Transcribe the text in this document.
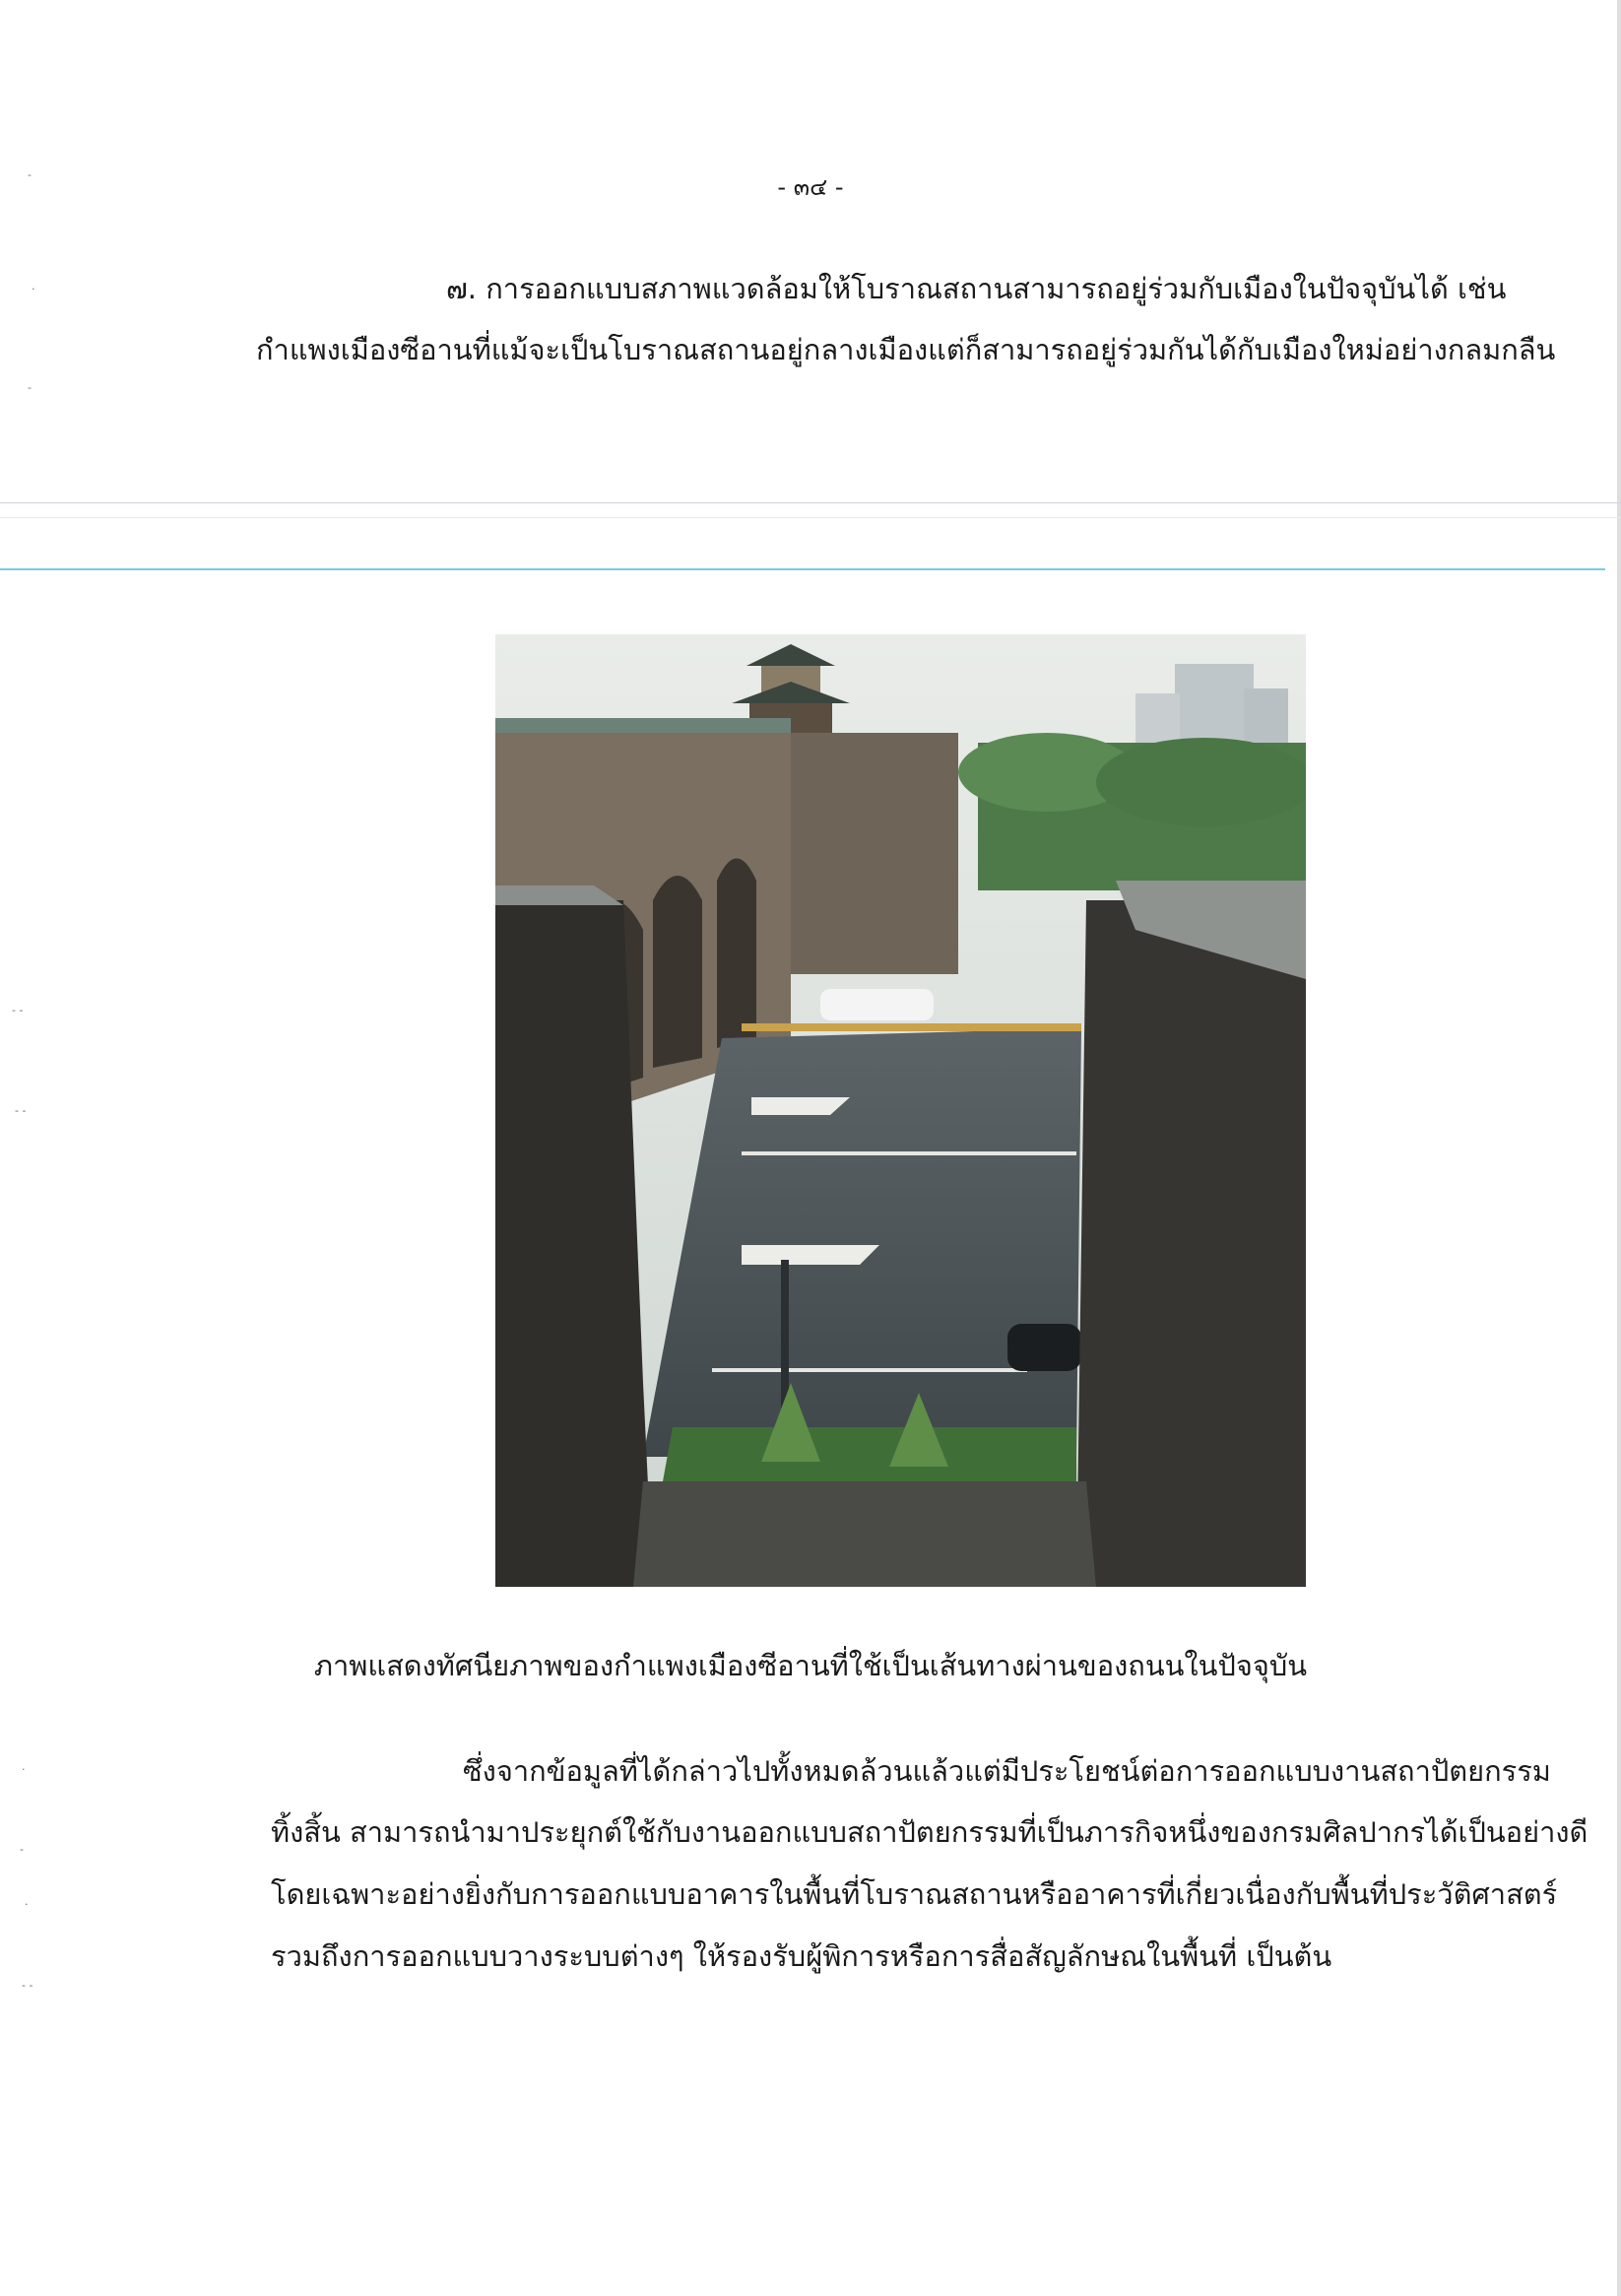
-
.
-
- -
- -
.
-
.
- -
- ๓๔ -
๗. การออกแบบสภาพแวดล้อมให้โบราณสถานสามารถอยู่ร่วมกับเมืองในปัจจุบันได้ เช่น
กำแพงเมืองซีอานที่แม้จะเป็นโบราณสถานอยู่กลางเมืองแต่ก็สามารถอยู่ร่วมกันได้กับเมืองใหม่อย่างกลมกลืน
ภาพแสดงทัศนียภาพของกำแพงเมืองซีอานที่ใช้เป็นเส้นทางผ่านของถนนในปัจจุบัน
ซึ่งจากข้อมูลที่ได้กล่าวไปทั้งหมดล้วนแล้วแต่มีประโยชน์ต่อการออกแบบงานสถาปัตยกรรม
ทิ้งสิ้น สามารถนำมาประยุกต์ใช้กับงานออกแบบสถาปัตยกรรมที่เป็นภารกิจหนึ่งของกรมศิลปากรได้เป็นอย่างดี
โดยเฉพาะอย่างยิ่งกับการออกแบบอาคารในพื้นที่โบราณสถานหรืออาคารที่เกี่ยวเนื่องกับพื้นที่ประวัติศาสตร์
รวมถึงการออกแบบวางระบบต่างๆ ให้รองรับผู้พิการหรือการสื่อสัญลักษณในพื้นที่ เป็นต้น
